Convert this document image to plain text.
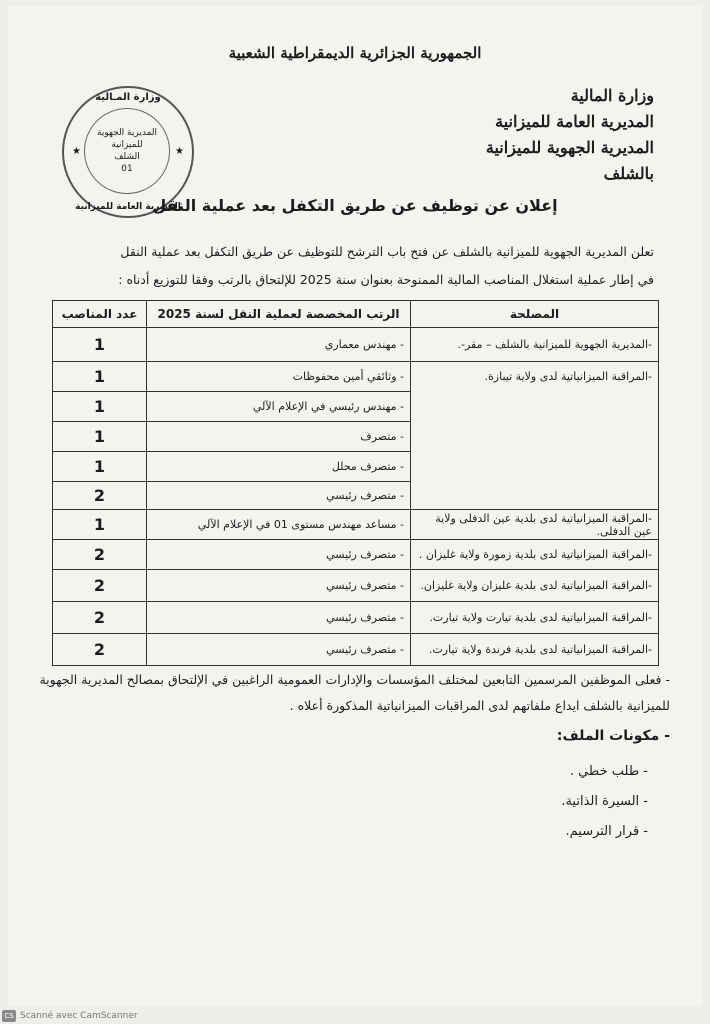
الجمهورية الجزائرية الديمقراطية الشعبية
وزارة المالية
المديرية العامة للميزانية
المديرية الجهوية للميزانية
بالشلف
وزارة المـالية
★	★
المديرية الجهوية
للميزانية
الشلف
01
المديرية العامة للميزانية
إعلان عن توظيف عن طريق التكفل بعد عملية النقل
تعلن المديرية الجهوية للميزانية بالشلف عن فتح باب الترشح للتوظيف عن طريق التكفل بعد عملية النقل
في إطار عملية استغلال المناصب المالية الممنوحة بعنوان سنة 2025 للإلتحاق بالرتب وفقا للتوزيع أدناه :
المصلحة	الرتب المخصصة لعملية النقل لسنة 2025	عدد المناصب
-المديرية الجهوية للميزانية بالشلف – مقر-.	- مهندس معماري	1
-المراقبة الميزانياتية لدى ولاية تيبازة.	- وثائقي أمين محفوظات	1
	- مهندس رئيسي في الإعلام الآلي	1
	- متصرف	1
	- متصرف محلل	1
	- متصرف رئيسي	2
-المراقبة الميزانياتية لدى بلدية عين الدفلى ولاية عين الدفلى.	- مساعد مهندس مستوى 01 في الإعلام الآلي	1
-المراقبة الميزانياتية لدى بلدية زمورة ولاية غليزان .	- متصرف رئيسي	2
-المراقبة الميزانياتية لدى بلدية غليزان ولاية غليزان.	- متصرف رئيسي	2
-المراقبة الميزانياتية لدى بلدية تيارت ولاية تيارت.	- متصرف رئيسي	2
-المراقبة الميزانياتية لدى بلدية فرندة ولاية تيارت.	- متصرف رئيسي	2
- فعلى الموظفين المرسمين التابعين لمختلف المؤسسات والإدارات العمومية الراغبين في الإلتحاق بمصالح المديرية الجهوية
للميزانية بالشلف ايداع ملفاتهم لدى المراقبات الميزانياتية المذكورة أعلاه .
- مكونات الملف:
- طلب خطي .
- السيرة الذاتية.
- قرار الترسيم.
CS Scanné avec CamScanner
